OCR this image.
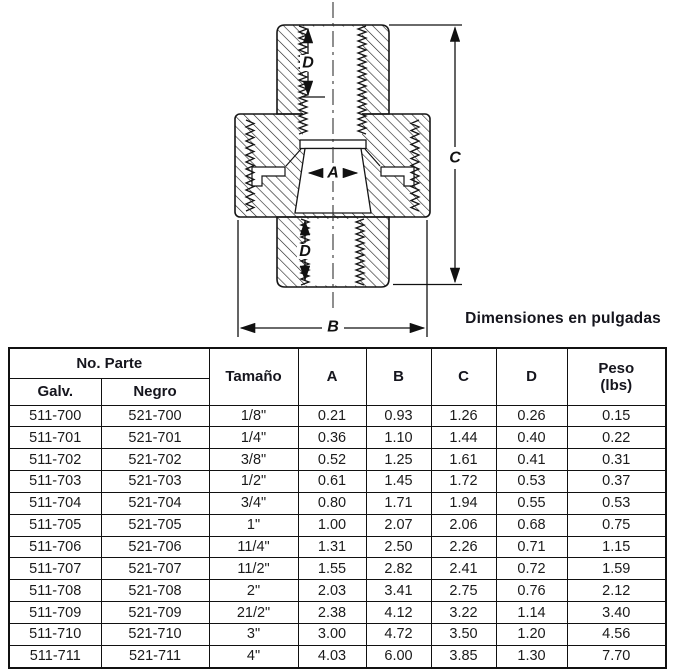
D
A
C
D
B	Dimensiones en pulgadas
No. Parte		Tamaño	A	B	C	D	Peso
(lbs)

Galv.	Negro						
511-700	521-700	1/8"	0.21	0.93	1.26	0.26	0.15
511-701	521-701	1/4"	0.36	1.10	1.44	0.40	0.22
511-702	521-702	3/8"	0.52	1.25	1.61	0.41	0.31
511-703	521-703	1/2"	0.61	1.45	1.72	0.53	0.37
511-704	521-704	3/4"	0.80	1.71	1.94	0.55	0.53
511-705	521-705	1"	1.00	2.07	2.06	0.68	0.75
511-706	521-706	11/4"	1.31	2.50	2.26	0.71	1.15
511-707	521-707	11/2"	1.55	2.82	2.41	0.72	1.59
511-708	521-708	2"	2.03	3.41	2.75	0.76	2.12
511-709	521-709	21/2"	2.38	4.12	3.22	1.14	3.40
511-710	521-710	3"	3.00	4.72	3.50	1.20	4.56
511-711	521-711	4"	4.03	6.00	3.85	1.30	7.70
